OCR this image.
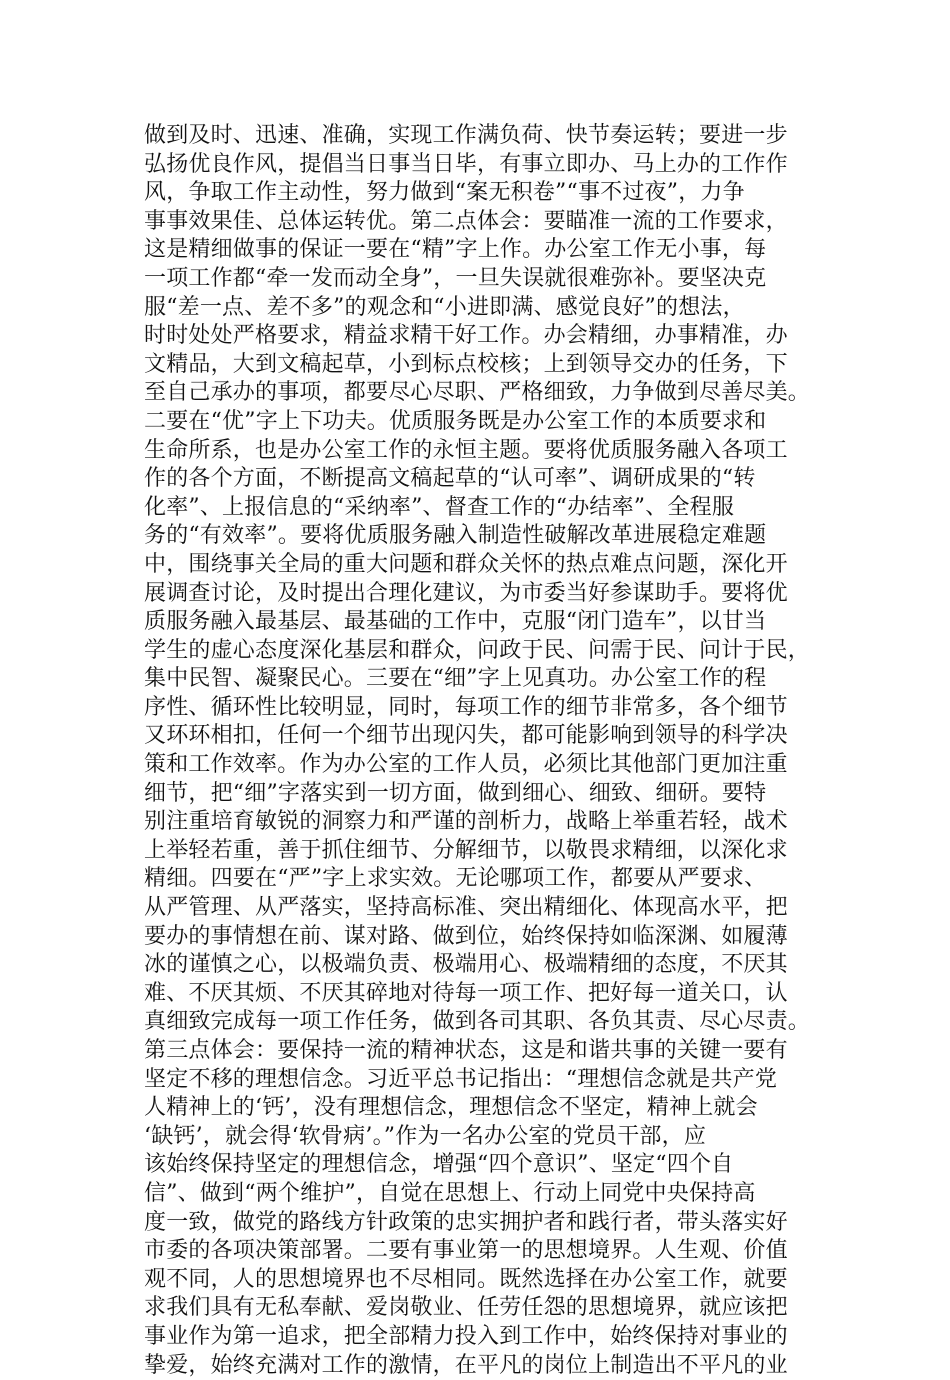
做到及时、迅速、准确，实现工作满负荷、快节奏运转；要进一步
弘扬优良作风，提倡当日事当日毕，有事立即办、马上办的工作作
风，争取工作主动性，努力做到“案无积卷”“事不过夜”，力争
事事效果佳、总体运转优。第二点体会：要瞄准一流的工作要求，
这是精细做事的保证一要在“精”字上作。办公室工作无小事，每
一项工作都“牵一发而动全身”，一旦失误就很难弥补。要坚决克
服“差一点、差不多”的观念和“小进即满、感觉良好”的想法，
时时处处严格要求，精益求精干好工作。办会精细，办事精准，办
文精品，大到文稿起草，小到标点校核；上到领导交办的任务，下
至自己承办的事项，都要尽心尽职、严格细致，力争做到尽善尽美。
二要在“优”字上下功夫。优质服务既是办公室工作的本质要求和
生命所系，也是办公室工作的永恒主题。要将优质服务融入各项工
作的各个方面，不断提高文稿起草的“认可率”、调研成果的“转
化率”、上报信息的“采纳率”、督查工作的“办结率”、全程服
务的“有效率”。要将优质服务融入制造性破解改革进展稳定难题
中，围绕事关全局的重大问题和群众关怀的热点难点问题，深化开
展调查讨论，及时提出合理化建议，为市委当好参谋助手。要将优
质服务融入最基层、最基础的工作中，克服“闭门造车”，以甘当
学生的虚心态度深化基层和群众，问政于民、问需于民、问计于民，
集中民智、凝聚民心。三要在“细”字上见真功。办公室工作的程
序性、循环性比较明显，同时，每项工作的细节非常多，各个细节
又环环相扣，任何一个细节出现闪失，都可能影响到领导的科学决
策和工作效率。作为办公室的工作人员，必须比其他部门更加注重
细节，把“细”字落实到一切方面，做到细心、细致、细研。要特
别注重培育敏锐的洞察力和严谨的剖析力，战略上举重若轻，战术
上举轻若重，善于抓住细节、分解细节，以敬畏求精细，以深化求
精细。四要在“严”字上求实效。无论哪项工作，都要从严要求、
从严管理、从严落实，坚持高标准、突出精细化、体现高水平，把
要办的事情想在前、谋对路、做到位，始终保持如临深渊、如履薄
冰的谨慎之心，以极端负责、极端用心、极端精细的态度，不厌其
难、不厌其烦、不厌其碎地对待每一项工作、把好每一道关口，认
真细致完成每一项工作任务，做到各司其职、各负其责、尽心尽责。
第三点体会：要保持一流的精神状态，这是和谐共事的关键一要有
坚定不移的理想信念。习近平总书记指出：“理想信念就是共产党
人精神上的‘钙’，没有理想信念，理想信念不坚定，精神上就会
‘缺钙’，就会得‘软骨病’。”作为一名办公室的党员干部，应
该始终保持坚定的理想信念，增强“四个意识”、坚定“四个自
信”、做到“两个维护”，自觉在思想上、行动上同党中央保持高
度一致，做党的路线方针政策的忠实拥护者和践行者，带头落实好
市委的各项决策部署。二要有事业第一的思想境界。人生观、价值
观不同，人的思想境界也不尽相同。既然选择在办公室工作，就要
求我们具有无私奉献、爱岗敬业、任劳任怨的思想境界，就应该把
事业作为第一追求，把全部精力投入到工作中，始终保持对事业的
挚爱，始终充满对工作的激情，在平凡的岗位上制造出不平凡的业
